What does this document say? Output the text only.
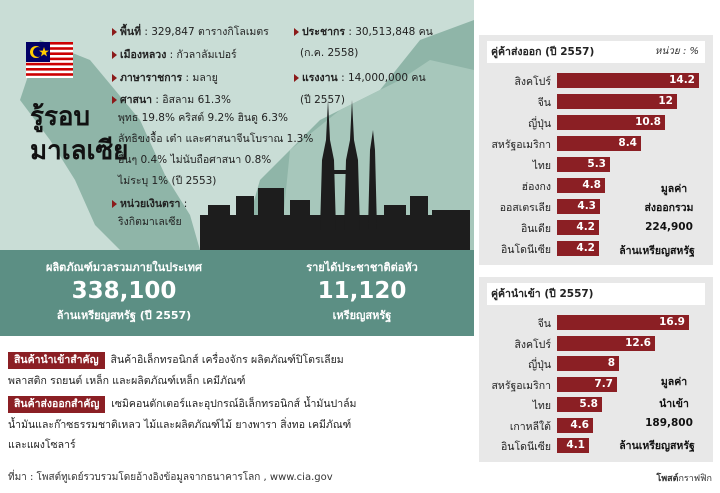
รู้รอบ
มาเลเซีย
พื้นที่ : 329,847 ตารางกิโลเมตร
เมืองหลวง : กัวลาลัมเปอร์
ภาษาราชการ : มลายู
ศาสนา : อิสลาม 61.3%
พุทธ 19.8% คริสต์ 9.2% ฮินดู 6.3%
ลัทธิขงจื้อ เต๋า และศาสนาจีนโบราณ 1.3%
อื่นๆ 0.4% ไม่นับถือศาสนา 0.8%
ไม่ระบุ 1% (ปี 2553)
หน่วยเงินตรา :
ริงกิตมาเลเซีย
ประชากร : 30,513,848 คน
(ก.ค. 2558)
แรงงาน : 14,000,000 คน
(ปี 2557)
ผลิตภัณฑ์มวลรวมภายในประเทศ
338,100
ล้านเหรียญสหรัฐ (ปี 2557)
รายได้ประชาชาติต่อหัว
11,120
เหรียญสหรัฐ
คู่ค้าส่งออก (ปี 2557)	หน่วย : %
สิงคโปร์	14.2
จีน	12
ญี่ปุ่น	10.8
สหรัฐอเมริกา	8.4
ไทย	5.3
ฮ่องกง	4.8
ออสเตรเลีย	4.3
อินเดีย 4.2
อินโดนีเซีย 4.2
มูลค่า
ส่งออกรวม
224,900
ล้านเหรียญสหรัฐ
คู่ค้านำเข้า (ปี 2557)
จีน	16.9
สิงคโปร์	12.6
ญี่ปุ่น	8
สหรัฐอเมริกา	7.7
ไทย	5.8
เกาหลีใต้ 4.6
อินโดนีเซีย 4.1
มูลค่า
นำเข้า
189,800
ล้านเหรียญสหรัฐ
สินค้านำเข้าสำคัญ สินค้าอิเล็กทรอนิกส์ เครื่องจักร ผลิตภัณฑ์ปิโตรเลียม
พลาสติก รถยนต์ เหล็ก และผลิตภัณฑ์เหล็ก เคมีภัณฑ์
สินค้าส่งออกสำคัญ เซมิคอนดักเตอร์และอุปกรณ์อิเล็กทรอนิกส์ น้ำมันปาล์ม
น้ำมันและก๊าซธรรมชาติเหลว ไม้และผลิตภัณฑ์ไม้ ยางพารา สิ่งทอ เคมีภัณฑ์
และแผงโซลาร์
ที่มา : โพสต์ทูเดย์รวบรวมโดยอ้างอิงข้อมูลจากธนาคารโลก , www.cia.gov	โพสต์กราฟฟิก
